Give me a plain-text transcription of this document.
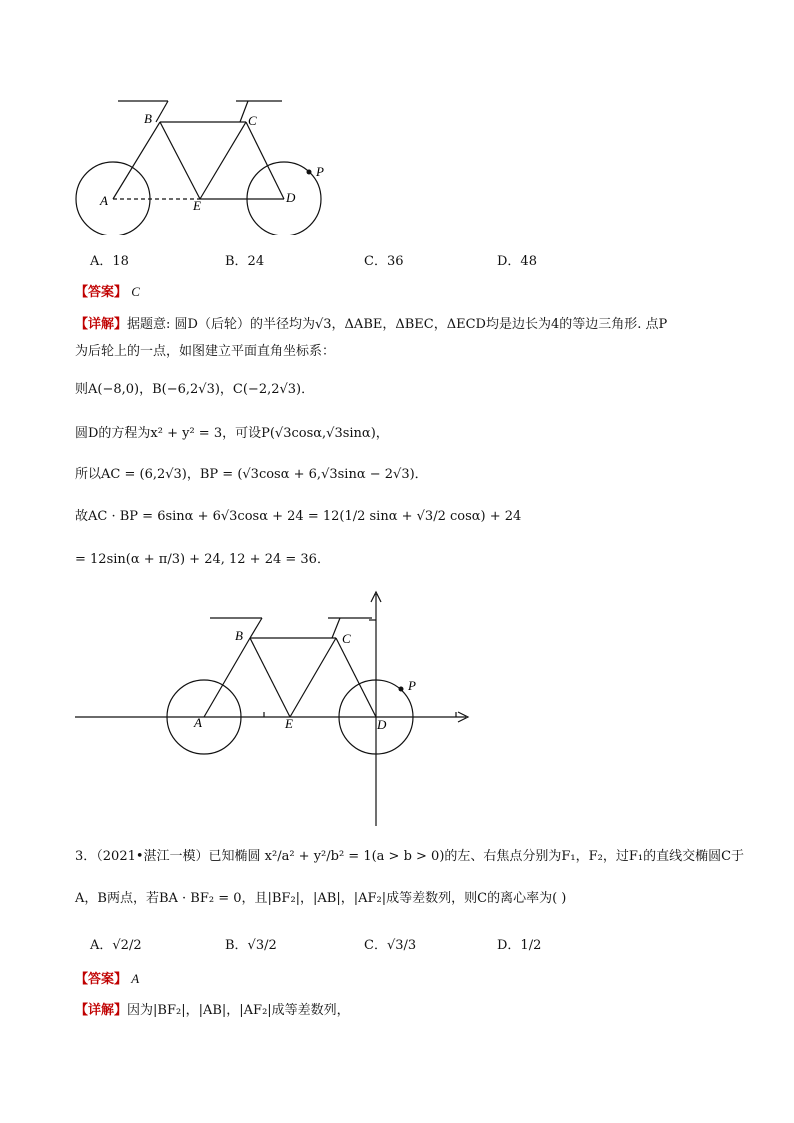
A
B	C
D
E
P
A．18	B．24	C．36	D．48
【答案】 C
【详解】据题意: 圆D（后轮）的半径均为√3，ΔABE，ΔBEC，ΔECD均是边长为4的等边三角形. 点P
为后轮上的一点，如图建立平面直角坐标系：
则A(−8,0)，B(−6,2√3)，C(−2,2√3)．
圆D的方程为x² + y² = 3，可设P(√3cosα,√3sinα)，
所以AC = (6,2√3)，BP = (√3cosα + 6,√3sinα − 2√3)．
故AC · BP = 6sinα + 6√3cosα + 24 = 12(1/2 sinα + √3/2 cosα) + 24
= 12sin(α + π/3) + 24, 12 + 24 = 36．
A
B	C
D
E
P
3．（2021•湛江一模）已知椭圆 x²/a² + y²/b² = 1(a > b > 0)的左、右焦点分别为F₁，F₂，过F₁的直线交椭圆C于
A，B两点，若BA · BF₂ = 0，且|BF₂|，|AB|，|AF₂|成等差数列，则C的离心率为( )
A．√2/2	B．√3/2	C．√3/3	D．1/2
【答案】 A
【详解】因为|BF₂|，|AB|，|AF₂|成等差数列，
